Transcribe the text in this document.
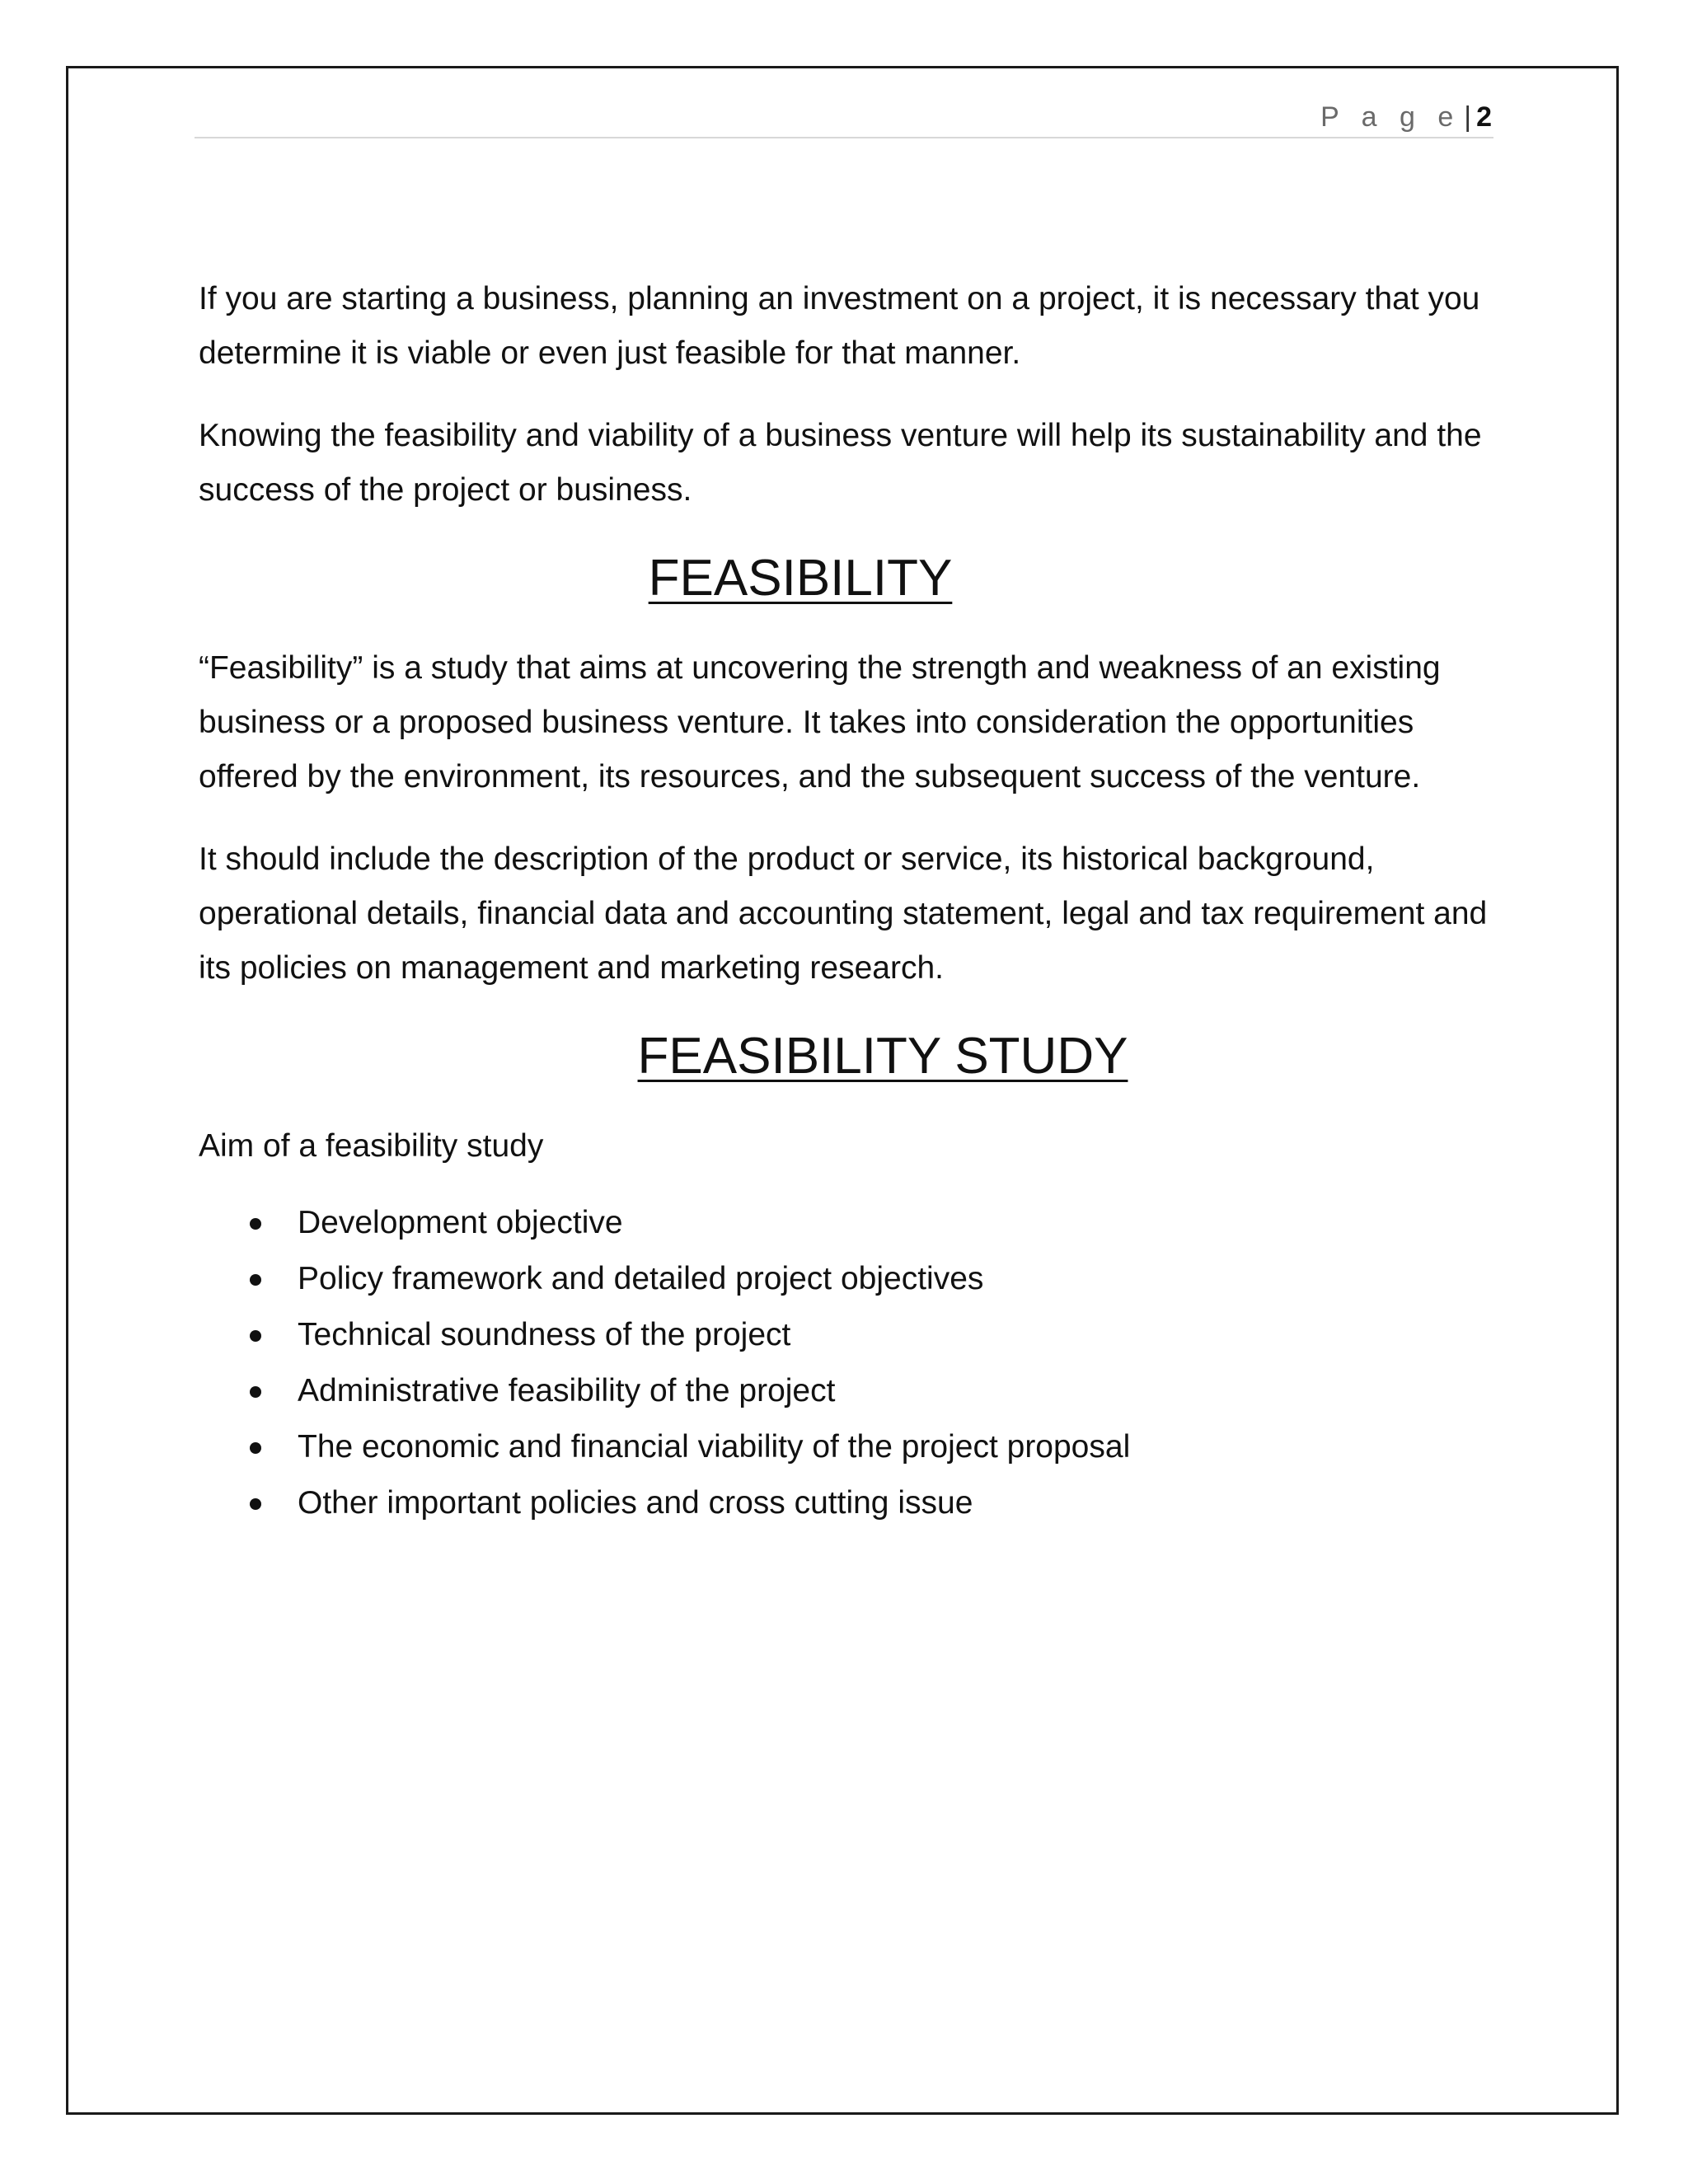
P a g e | 2

If you are starting a business, planning an investment on a project, it is necessary that you determine it is viable or even just feasible for that manner.

Knowing the feasibility and viability of a business venture will help its sustainability and the success of the project or business.

FEASIBILITY

“Feasibility” is a study that aims at uncovering the strength and weakness of an existing business or a proposed business venture. It takes into consideration the opportunities offered by the environment, its resources, and the subsequent success of the venture.

It should include the description of the product or service, its historical background, operational details, financial data and accounting statement, legal and tax requirement and its policies on management and marketing research.

FEASIBILITY STUDY

Aim of a feasibility study

Development objective
Policy framework and detailed project objectives
Technical soundness of the project
Administrative feasibility of the project
The economic and financial viability of the project proposal
Other important policies and cross cutting issue
